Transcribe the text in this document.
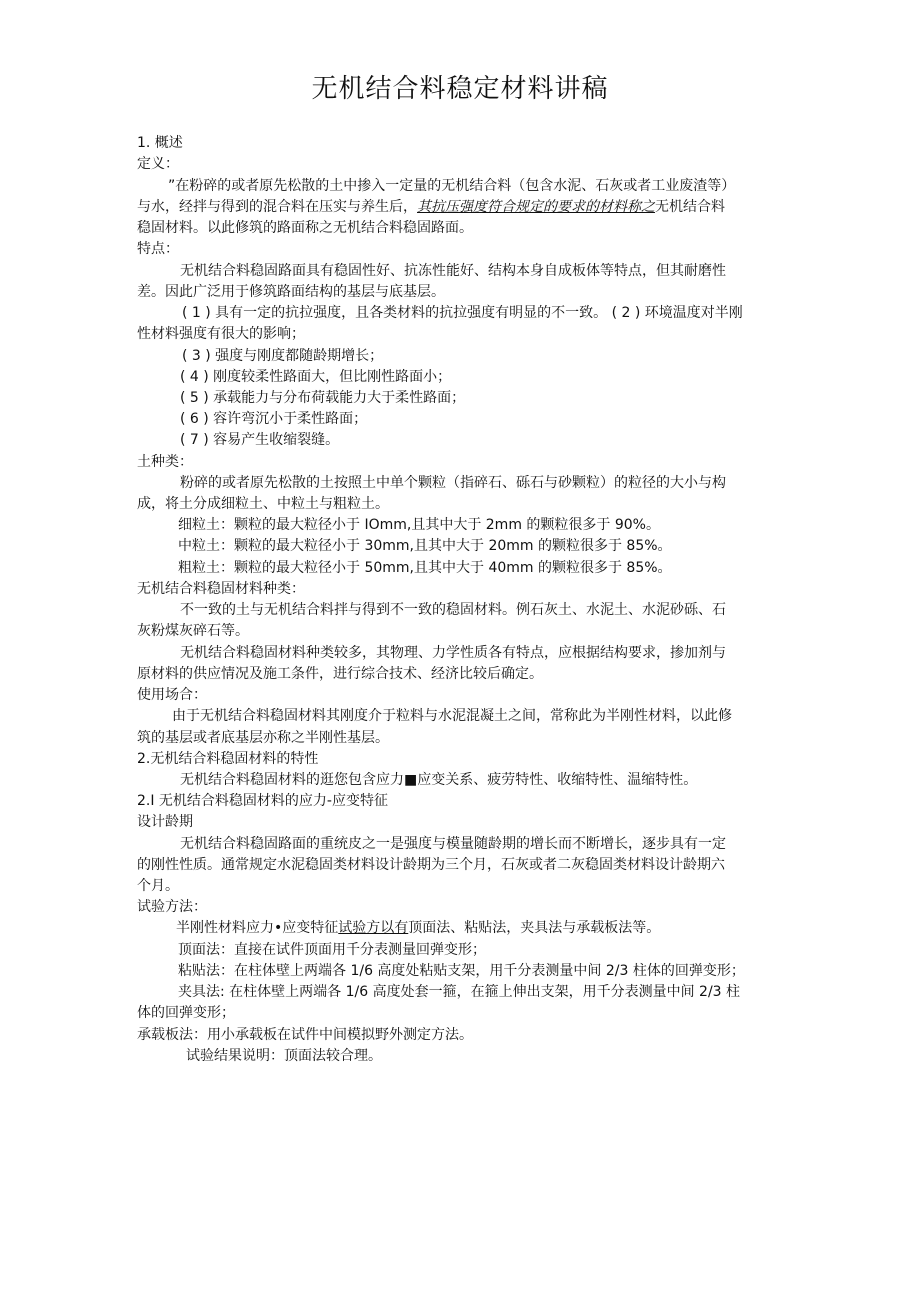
无机结合料稳定材料讲稿
1. 概述
定义：
”在粉碎的或者原先松散的土中掺入一定量的无机结合料（包含水泥、石灰或者工业废渣等）
与水，经拌与得到的混合料在压实与养生后，其抗压强度符合规定的要求的材料称之无机结合料
稳固材料。以此修筑的路面称之无机结合料稳固路面。
特点：
无机结合料稳固路面具有稳固性好、抗冻性能好、结构本身自成板体等特点，但其耐磨性
差。因此广泛用于修筑路面结构的基层与底基层。
( 1 ) 具有一定的抗拉强度，且各类材料的抗拉强度有明显的不一致。 ( 2 ) 环境温度对半刚
性材料强度有很大的影响；
( 3 ) 强度与刚度都随龄期增长；
( 4 ) 刚度较柔性路面大，但比刚性路面小；
( 5 ) 承载能力与分布荷载能力大于柔性路面；
( 6 ) 容许弯沉小于柔性路面；
( 7 ) 容易产生收缩裂缝。
土种类：
粉碎的或者原先松散的土按照土中单个颗粒（指碎石、砾石与砂颗粒）的粒径的大小与构
成，将土分成细粒土、中粒土与粗粒土。
细粒土：颗粒的最大粒径小于 IOmm,且其中大于 2mm 的颗粒很多于 90%。
中粒土：颗粒的最大粒径小于 30mm,且其中大于 20mm 的颗粒很多于 85%。
粗粒土：颗粒的最大粒径小于 50mm,且其中大于 40mm 的颗粒很多于 85%。
无机结合料稳固材料种类：
不一致的土与无机结合料拌与得到不一致的稳固材料。例石灰土、水泥土、水泥砂砾、石
灰粉煤灰碎石等。
无机结合料稳固材料种类较多，其物理、力学性质各有特点，应根据结构要求，掺加剂与
原材料的供应情况及施工条件，进行综合技术、经济比较后确定。
使用场合：
由于无机结合料稳固材料其刚度介于粒料与水泥混凝土之间，常称此为半刚性材料，以此修
筑的基层或者底基层亦称之半刚性基层。
2.无机结合料稳固材料的特性
无机结合料稳固材料的逛您包含应力■应变关系、疲劳特性、收缩特性、温缩特性。
2.I 无机结合料稳固材料的应力-应变特征
设计龄期
无机结合料稳固路面的重统皮之一是强度与模量随龄期的增长而不断增长，逐步具有一定
的刚性性质。通常规定水泥稳固类材料设计龄期为三个月，石灰或者二灰稳固类材料设计龄期六
个月。
试验方法：
半刚性材料应力•应变特征试验方以有顶面法、粘贴法，夹具法与承载板法等。
顶面法：直接在试件顶面用千分表测量回弹变形；
粘贴法：在柱体壁上两端各 1/6 高度处粘贴支架，用千分表测量中间 2/3 柱体的回弹变形；
夹具法: 在柱体壁上两端各 1/6 高度处套一箍，在箍上伸出支架，用千分表测量中间 2/3 柱
体的回弹变形；
承载板法：用小承载板在试件中间模拟野外测定方法。
试验结果说明：顶面法较合理。
